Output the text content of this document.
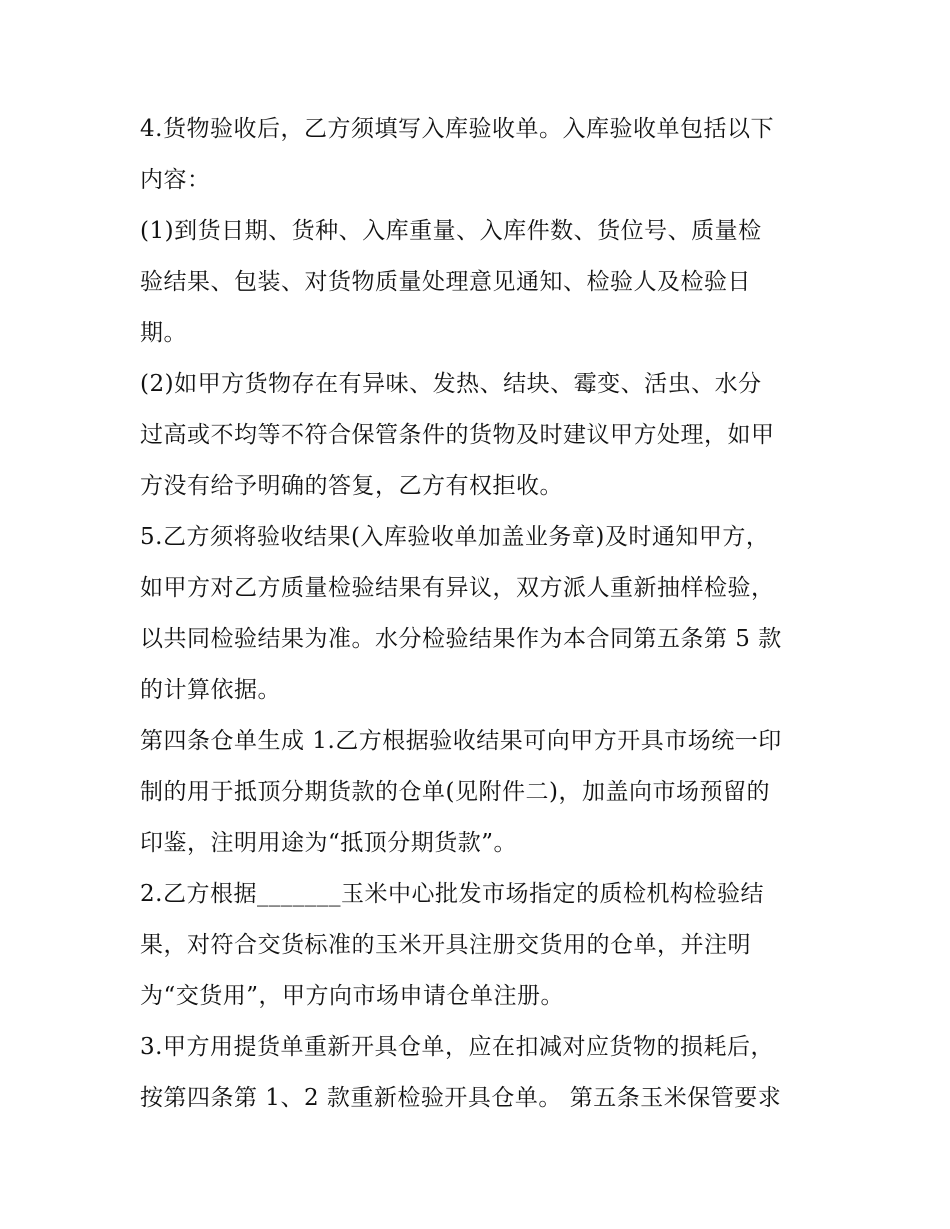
4.货物验收后，乙方须填写入库验收单。入库验收单包括以下
内容：
(1)到货日期、货种、入库重量、入库件数、货位号、质量检
验结果、包装、对货物质量处理意见通知、检验人及检验日
期。
(2)如甲方货物存在有异味、发热、结块、霉变、活虫、水分
过高或不均等不符合保管条件的货物及时建议甲方处理，如甲
方没有给予明确的答复，乙方有权拒收。
5.乙方须将验收结果(入库验收单加盖业务章)及时通知甲方，
如甲方对乙方质量检验结果有异议，双方派人重新抽样检验，
以共同检验结果为准。水分检验结果作为本合同第五条第 5 款
的计算依据。
第四条仓单生成 1.乙方根据验收结果可向甲方开具市场统一印
制的用于抵顶分期货款的仓单(见附件二)，加盖向市场预留的
印鉴，注明用途为“抵顶分期货款”。
2.乙方根据_______玉米中心批发市场指定的质检机构检验结
果，对符合交货标准的玉米开具注册交货用的仓单，并注明
为“交货用”，甲方向市场申请仓单注册。
3.甲方用提货单重新开具仓单，应在扣减对应货物的损耗后，
按第四条第 1、2 款重新检验开具仓单。 第五条玉米保管要求
